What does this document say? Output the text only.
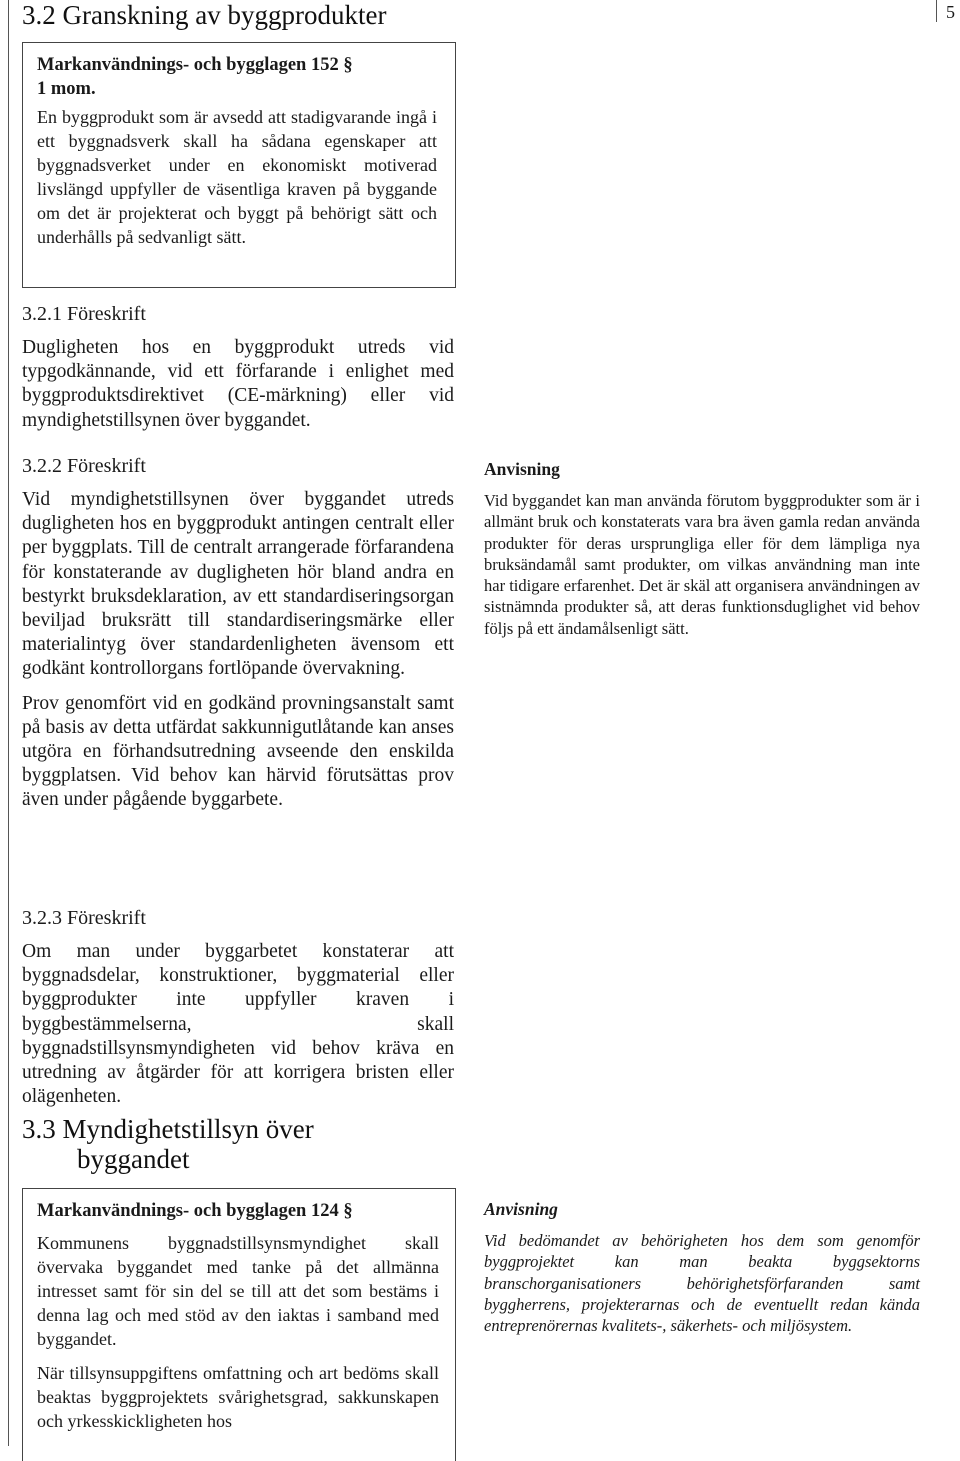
3.2 Granskning av byggprodukter	5

Markanvändnings- och bygglagen 152 §

1 mom.

En byggprodukt som är avsedd att stadigvarande ingå i ett byggnadsverk skall ha sådana egenskaper att byggnadsverket under en ekonomiskt motiverad livslängd uppfyller de väsentliga kraven på byggande om det är projekterat och byggt på behörigt sätt och underhålls på sedvanligt sätt.

3.2.1 Föreskrift

Dugligheten hos en byggprodukt utreds vid typgodkännande, vid ett förfarande i enlighet med byggproduktsdirektivet (CE-märkning) eller vid myndighetstillsynen över byggandet.

3.2.2 Föreskrift

Vid myndighetstillsynen över byggandet utreds dugligheten hos en byggprodukt antingen centralt eller per byggplats. Till de centralt arrangerade förfarandena för konstaterande av dugligheten hör bland andra en bestyrkt bruksdeklaration, av ett standardiseringsorgan beviljad bruksrätt till standardiseringsmärke eller materialintyg över standardenligheten ävensom ett godkänt kontrollorgans fortlöpande övervakning.

Prov genomfört vid en godkänd provningsanstalt samt på basis av detta utfärdat sakkunnigutlåtande kan anses utgöra en förhandsutredning avseende den enskilda byggplatsen. Vid behov kan härvid förutsättas prov även under pågående byggarbete.

Anvisning

Vid byggandet kan man använda förutom byggprodukter som är i allmänt bruk och konstaterats vara bra även gamla redan använda produkter för deras ursprungliga eller för dem lämpliga nya bruksändamål samt produkter, om vilkas användning man inte har tidigare erfarenhet. Det är skäl att organisera användningen av sistnämnda produkter så, att deras funktionsduglighet vid behov följs på ett ändamålsenligt sätt.

3.2.3 Föreskrift

Om man under byggarbetet konstaterar att byggnadsdelar, konstruktioner, byggmaterial eller byggprodukter inte uppfyller kraven i byggbestämmelserna, skall byggnadstillsynsmyndigheten vid behov kräva en utredning av åtgärder för att korrigera bristen eller olägenheten.

3.3 Myndighetstillsyn över
byggandet

Markanvändnings- och bygglagen 124 §

Kommunens byggnadstillsynsmyndighet skall övervaka byggandet med tanke på det allmänna intresset samt för sin del se till att det som bestäms i denna lag och med stöd av den iaktas i samband med byggandet.

När tillsynsuppgiftens omfattning och art bedöms skall beaktas byggprojektets svårighetsgrad, sakkunskapen och yrkesskickligheten hos

Anvisning

Vid bedömandet av behörigheten hos dem som genomför byggprojektet kan man beakta byggsektorns branschorganisationers behörighetsförfaranden samt byggherrens, projekterarnas och de eventuellt redan kända entreprenörernas kvalitets-, säkerhets- och miljösystem.
